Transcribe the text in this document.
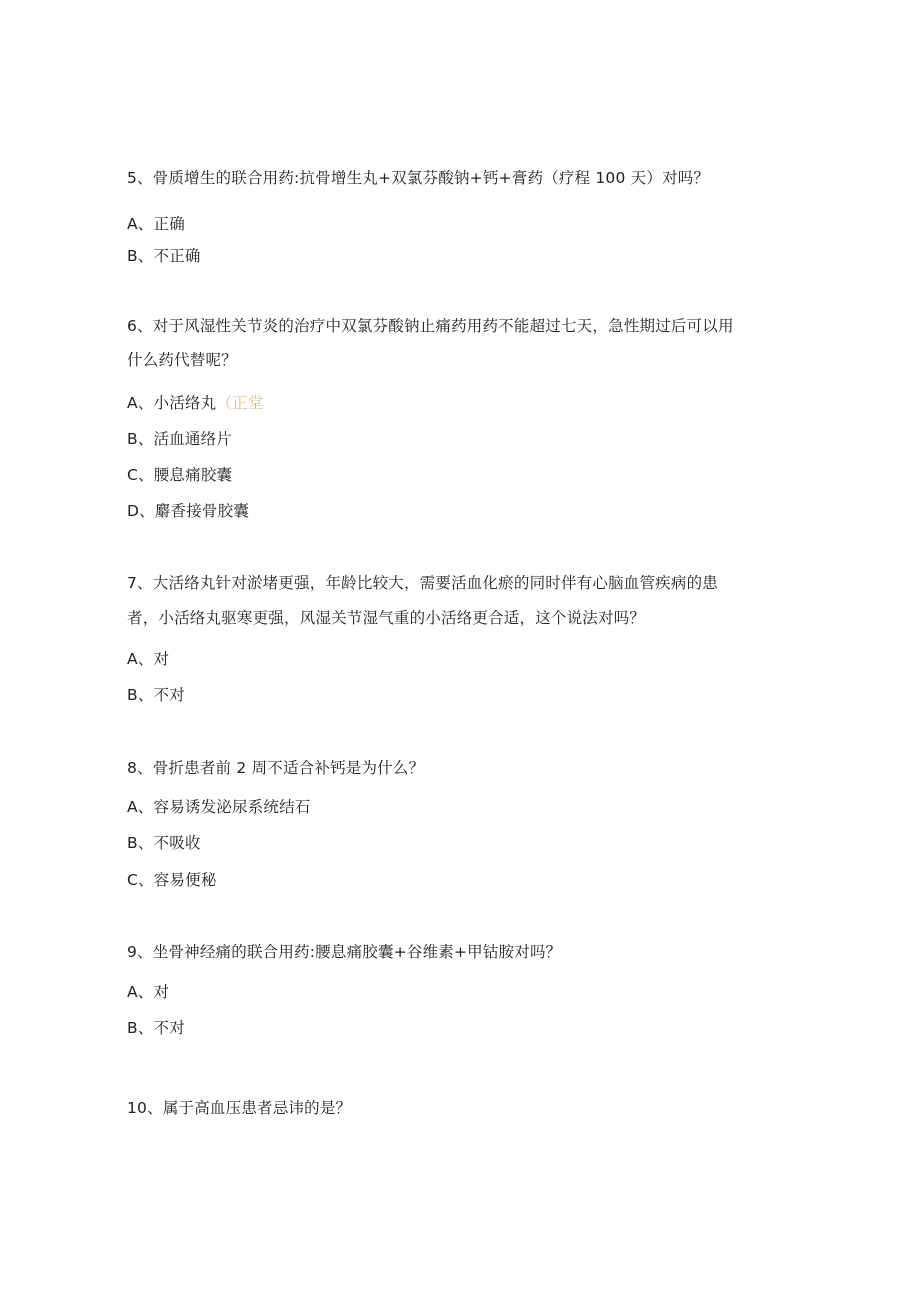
5、骨质增生的联合用药:抗骨增生丸+双氯芬酸钠+钙+膏药（疗程 100 天）对吗？
A、正确
B、不正确
6、对于风湿性关节炎的治疗中双氯芬酸钠止痛药用药不能超过七天，急性期过后可以用
什么药代替呢？
A、小活络丸（正堂
B、活血通络片
C、腰息痛胶囊
D、麝香接骨胶囊
7、大活络丸针对淤堵更强，年龄比较大，需要活血化瘀的同时伴有心脑血管疾病的患
者，小活络丸驱寒更强，风湿关节湿气重的小活络更合适，这个说法对吗？
A、对
B、不对
8、骨折患者前 2 周不适合补钙是为什么？
A、容易诱发泌尿系统结石
B、不吸收
C、容易便秘
9、坐骨神经痛的联合用药:腰息痛胶囊+谷维素+甲钴胺对吗？
A、对
B、不对
10、属于高血压患者忌讳的是？
